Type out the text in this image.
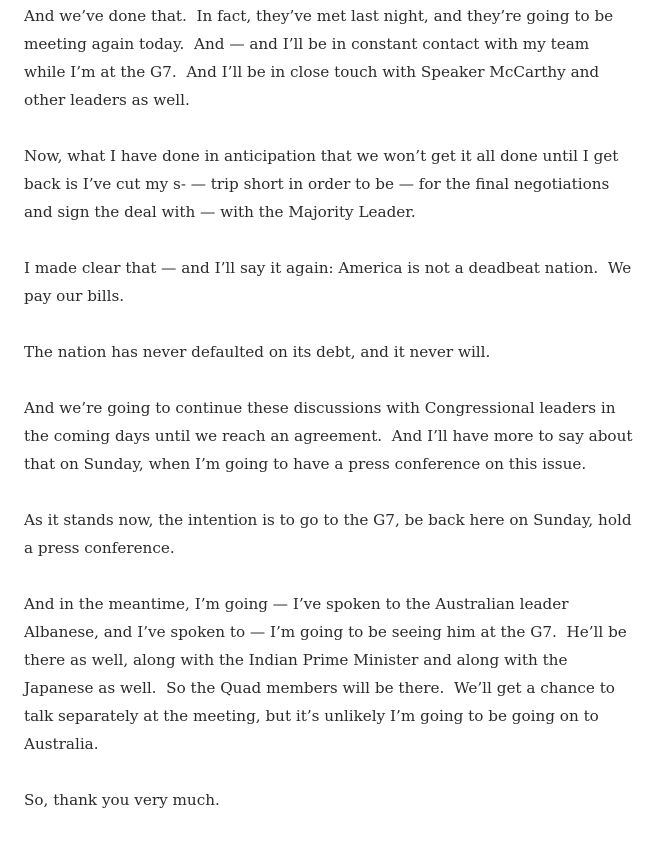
And we’ve done that.  In fact, they’ve met last night, and they’re going to be
meeting again today.  And — and I’ll be in constant contact with my team
while I’m at the G7.  And I’ll be in close touch with Speaker McCarthy and
other leaders as well.

Now, what I have done in anticipation that we won’t get it all done until I get
back is I’ve cut my s- — trip short in order to be — for the final negotiations
and sign the deal with — with the Majority Leader.

I made clear that — and I’ll say it again: America is not a deadbeat nation.  We
pay our bills.

The nation has never defaulted on its debt, and it never will.

And we’re going to continue these discussions with Congressional leaders in
the coming days until we reach an agreement.  And I’ll have more to say about
that on Sunday, when I’m going to have a press conference on this issue.

As it stands now, the intention is to go to the G7, be back here on Sunday, hold
a press conference.

And in the meantime, I’m going — I’ve spoken to the Australian leader
Albanese, and I’ve spoken to — I’m going to be seeing him at the G7.  He’ll be
there as well, along with the Indian Prime Minister and along with the
Japanese as well.  So the Quad members will be there.  We’ll get a chance to
talk separately at the meeting, but it’s unlikely I’m going to be going on to
Australia.

So, thank you very much.
